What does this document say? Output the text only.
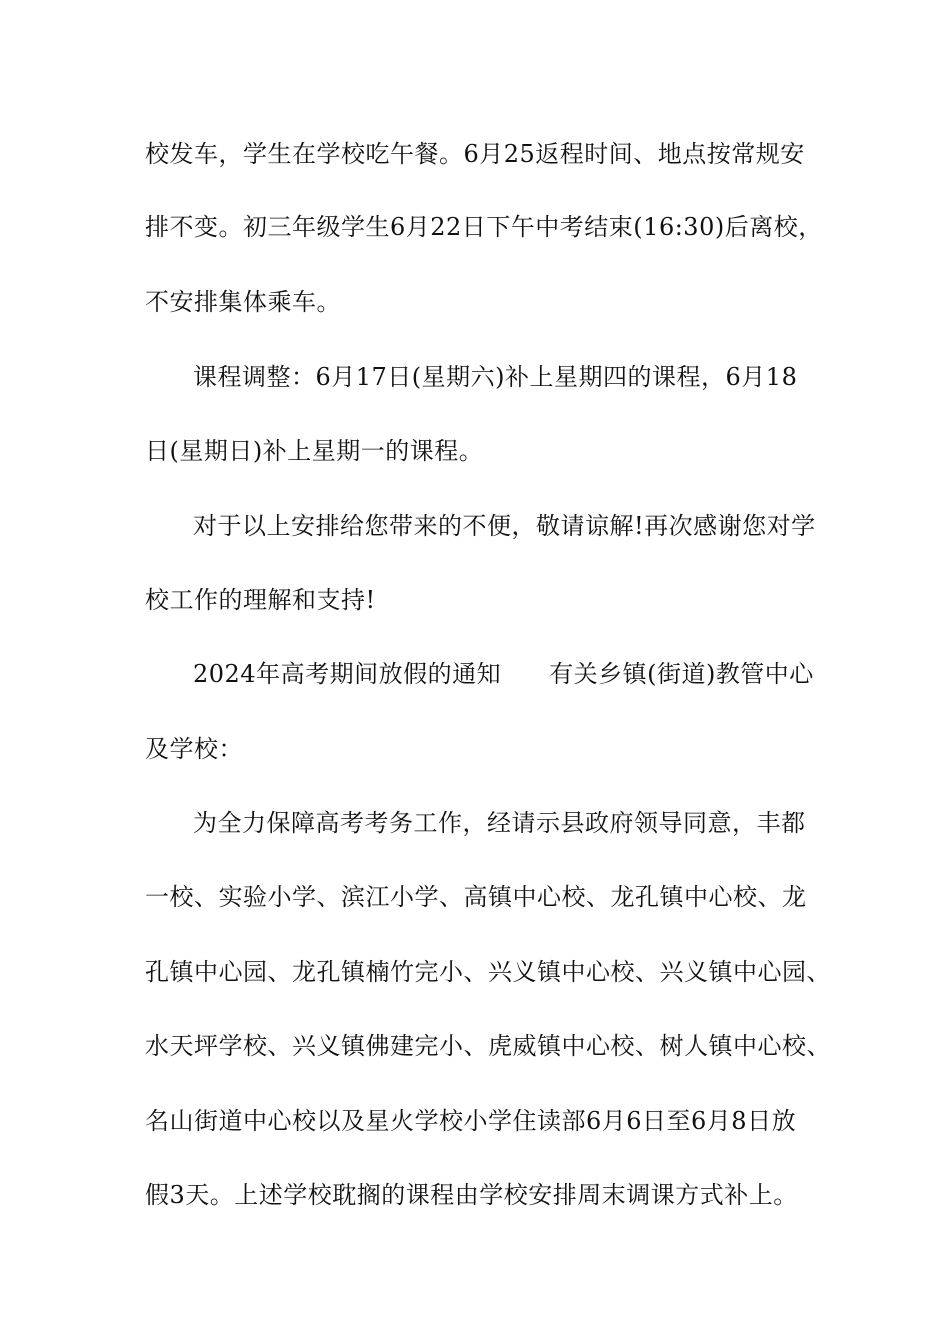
校发车，学生在学校吃午餐。6月25返程时间、地点按常规安
排不变。初三年级学生6月22日下午中考结束(16:30)后离校，
不安排集体乘车。
课程调整：6月17日(星期六)补上星期四的课程，6月18
日(星期日)补上星期一的课程。
对于以上安排给您带来的不便，敬请谅解!再次感谢您对学
校工作的理解和支持!
2024年高考期间放假的通知 有关乡镇(街道)教管中心
及学校：
为全力保障高考考务工作，经请示县政府领导同意，丰都
一校、实验小学、滨江小学、高镇中心校、龙孔镇中心校、龙
孔镇中心园、龙孔镇楠竹完小、兴义镇中心校、兴义镇中心园、
水天坪学校、兴义镇佛建完小、虎威镇中心校、树人镇中心校、
名山街道中心校以及星火学校小学住读部6月6日至6月8日放
假3天。上述学校耽搁的课程由学校安排周末调课方式补上。
